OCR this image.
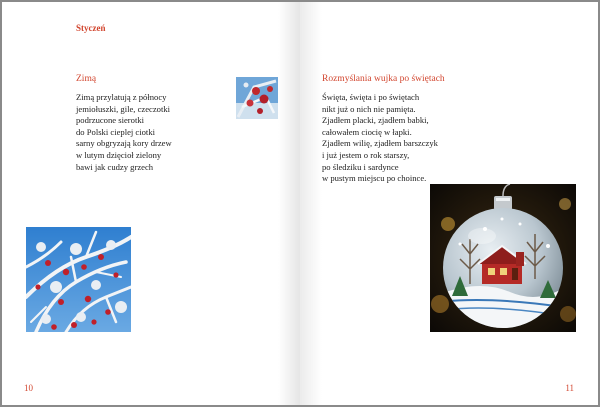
Styczeń
Zimą
Zimą przylatują z północy
jemiołuszki, gile, czeczotki
podrzucone sierotki
do Polski cieplej ciotki
sarny obgryzają kory drzew
w lutym dzięcioł zielony
bawi jak cudzy grzech
10
Rozmyślania wujka po świętach
Święta, święta i po świętach
nikt już o nich nie pamięta.
Zjadłem placki, zjadłem babki,
całowałem ciocię w łapki.
Zjadłem wilię, zjadłem barszczyk
i już jestem o rok starszy,
po śledziku i sardynce
w pustym miejscu po choince.
11
